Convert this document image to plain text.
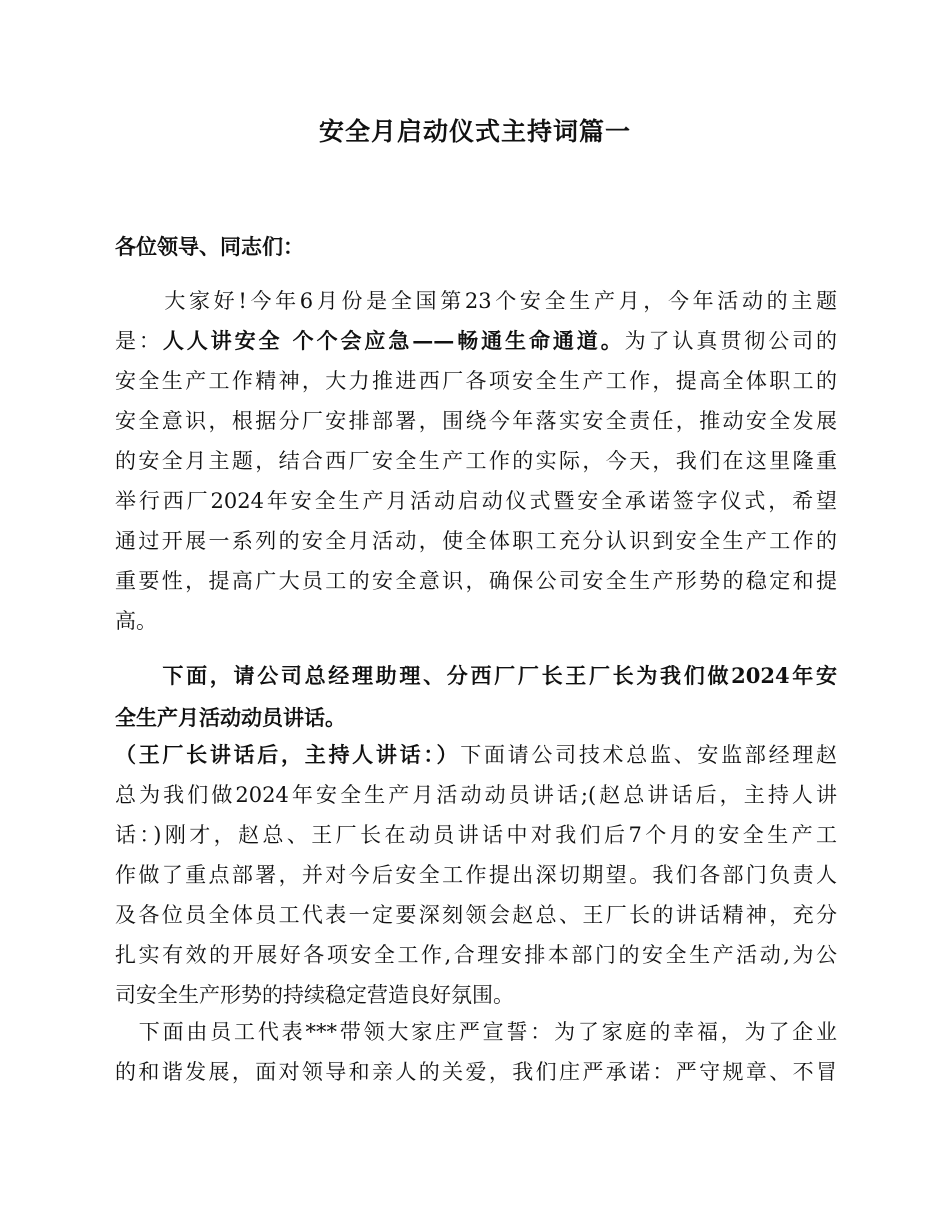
安全月启动仪式主持词篇一
各位领导、同志们：
　　大家好!今年6月份是全国第23个安全生产月，今年活动的主题
是：人人讲安全 个个会应急——畅通生命通道。为了认真贯彻公司的
安全生产工作精神，大力推进西厂各项安全生产工作，提高全体职工的
安全意识，根据分厂安排部署，围绕今年落实安全责任，推动安全发展
的安全月主题，结合西厂安全生产工作的实际，今天，我们在这里隆重
举行西厂2024年安全生产月活动启动仪式暨安全承诺签字仪式，希望
通过开展一系列的安全月活动，使全体职工充分认识到安全生产工作的
重要性，提高广大员工的安全意识，确保公司安全生产形势的稳定和提
高。
　　下面，请公司总经理助理、分西厂厂长王厂长为我们做2024年安
全生产月活动动员讲话。
（王厂长讲话后，主持人讲话：）下面请公司技术总监、安监部经理赵
总为我们做2024年安全生产月活动动员讲话;(赵总讲话后，主持人讲
话：)刚才，赵总、王厂长在动员讲话中对我们后7个月的安全生产工
作做了重点部署，并对今后安全工作提出深切期望。我们各部门负责人
及各位员全体员工代表一定要深刻领会赵总、王厂长的讲话精神，充分
扎实有效的开展好各项安全工作,合理安排本部门的安全生产活动,为公
司安全生产形势的持续稳定营造良好氛围。
　下面由员工代表***带领大家庄严宣誓：为了家庭的幸福，为了企业
的和谐发展，面对领导和亲人的关爱，我们庄严承诺：严守规章、不冒
